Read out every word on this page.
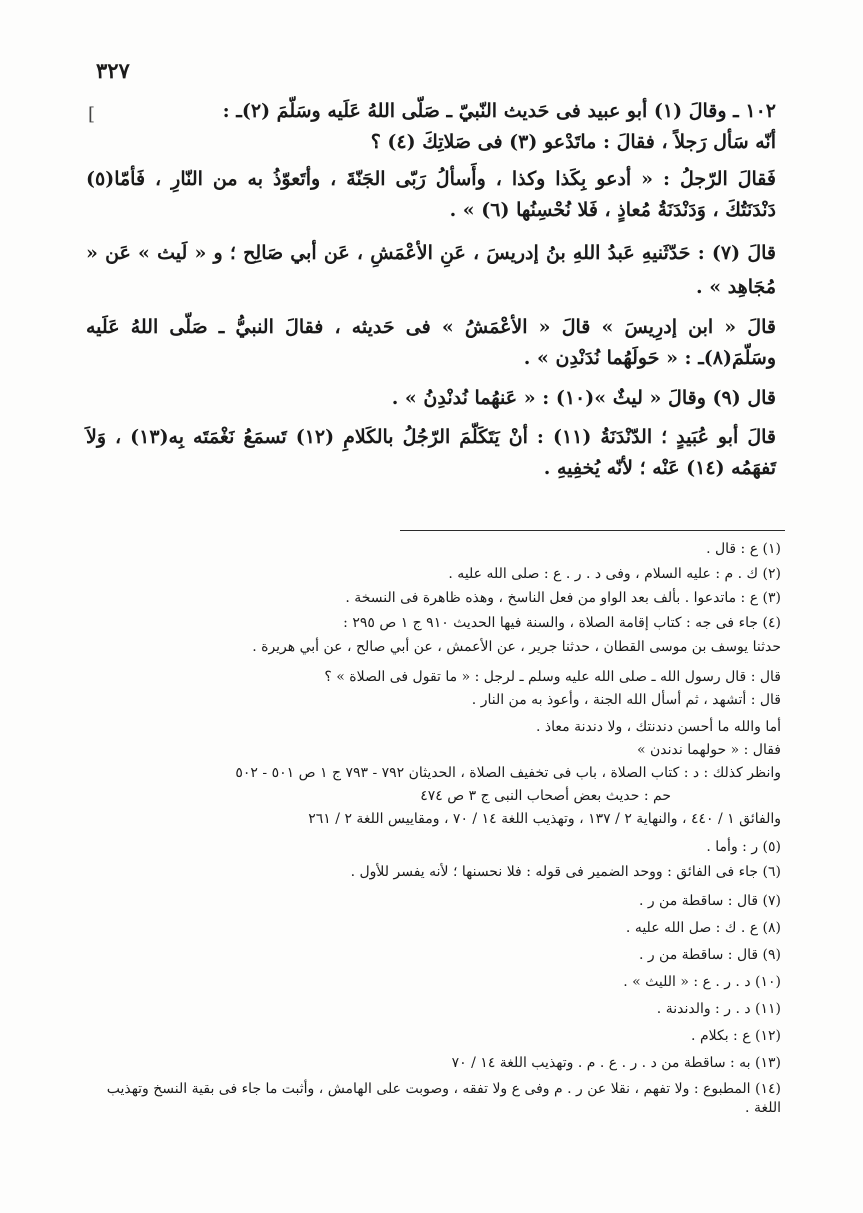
٣٢٧
[	١٠٢ ـ وقالَ (١) أبو عبيد فى حَديث النّبيّ ـ صَلّى اللهُ عَلَيه وسَلّمَ (٢)ـ :

أنّه سَأل رَجلاً ، فقالَ : ماتَدْعو (٣) فى صَلاتِكَ (٤) ؟

فَقالَ الرّجلُ : « أدعو بِكَذا وكذا ، وأَسألُ رَبّى الجَنّةَ ، وأتَعوّذُ به من النّارِ ، فَأمّا(٥) دَنْدَنَتُكَ ، وَدَنْدَنَةُ مُعاذٍ ، فَلا نُحْسِنُها (٦) » .

قالَ (٧) : حَدّثَنيهِ عَبدُ اللهِ بنُ إدريسَ ، عَنِ الأعْمَشِ ، عَن أبي صَالِح ؛ و « لَيث » عَن « مُجَاهِد » .

قالَ « ابن إدرِيسَ » قالَ « الأعْمَشُ » فى حَديثه ، فقالَ النبيُّ ـ صَلّى اللهُ عَلَيه وسَلّمَ(٨)ـ : « حَولَهُما نُدَنْدِن » .

قال (٩) وقالَ « ليثٌ »(١٠) : « عَنهُما نُدنْدِنُ » .

قالَ أبو عُبَيدٍ ؛ الدّنْدَنَةُ (١١) : أنْ يَتَكَلّمَ الرّجُلُ بالكَلامِ (١٢) تَسمَعُ نَغْمَتَه بِه(١٣) ، وَلاَ تَفهَمُه (١٤) عَنْه ؛ لأنّه يُخفِيهِ .

(١) ع : قال .

(٢) ك . م : عليه السلام ، وفى د . ر . ع : صلى الله عليه .

(٣) ع : ماتدعوا . بألف بعد الواو من فعل الناسخ ، وهذه ظاهرة فى النسخة .

(٤) جاء فى جه : كتاب إقامة الصلاة ، والسنة فيها الحديث ٩١٠ ج ١ ص ٢٩٥ :

حدثنا يوسف بن موسى القطان ، حدثنا جرير ، عن الأعمش ، عن أبي صالح ، عن أبي هريرة .

قال : قال رسول الله ـ صلى الله عليه وسلم ـ لرجل : « ما تقول فى الصلاة » ؟

قال : أتشهد ، ثم أسأل الله الجنة ، وأعوذ به من النار .

أما والله ما أحسن دندنتك ، ولا دندنة معاذ .

فقال : « حولهما ندندن »

وانظر كذلك : د : كتاب الصلاة ، باب فى تخفيف الصلاة ، الحديثان ٧٩٢ - ٧٩٣ ج ١ ص ٥٠١ - ٥٠٢

حم : حديث بعض أصحاب النبى ج ٣ ص ٤٧٤

والفائق ١ / ٤٤٠ ، والنهاية ٢ / ١٣٧ ، وتهذيب اللغة ١٤ / ٧٠ ، ومقاييس اللغة ٢ / ٢٦١

(٥) ر : وأما .

(٦) جاء فى الفائق : ووحد الضمير فى قوله : فلا نحسنها ؛ لأنه يفسر للأول .

(٧) قال : ساقطة من ر .

(٨) ع . ك : صل الله عليه .

(٩) قال : ساقطة من ر .

(١٠) د . ر . ع : « الليث » .

(١١) د . ر : والدندنة .

(١٢) ع : بكلام .

(١٣) به : ساقطة من د . ر . ع . م . وتهذيب اللغة ١٤ / ٧٠

(١٤) المطبوع : ولا تفهم ، نقلا عن ر . م وفى ع ولا تفقه ، وصوبت على الهامش ، وأثبت ما جاء فى بقية النسخ وتهذيب اللغة .
